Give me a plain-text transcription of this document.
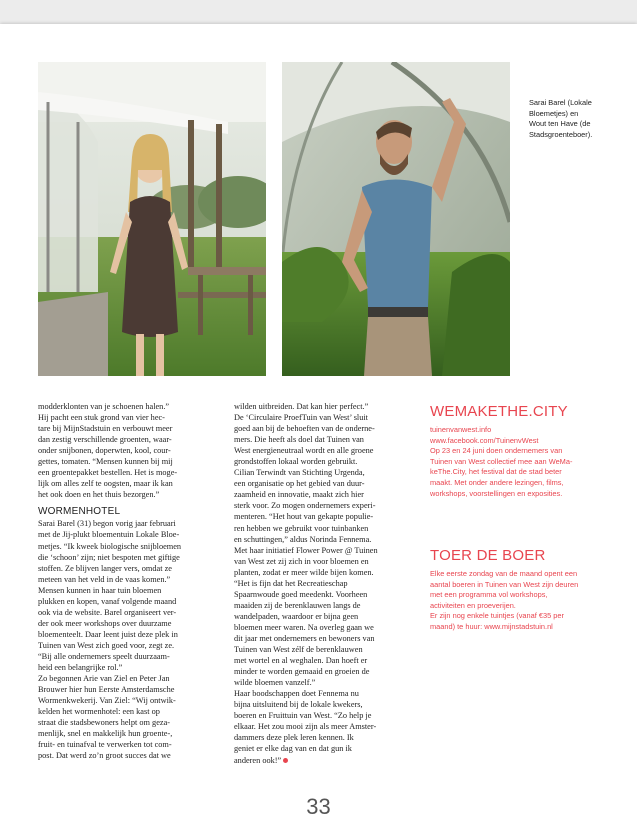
Sarai Barel (Lokale
Bloemetjes) en
Wout ten Have (de
Stadsgroenteboer).

modderklonten van je schoenen halen.”

Hij pacht een stuk grond van vier hec-

tare bij MijnStadstuin en verbouwt meer

dan zestig verschillende groenten, waar-

onder snijbonen, doperwten, kool, cour-

gettes, tomaten. “Mensen kunnen bij mij

een groentepakket bestellen. Het is moge-

lijk om alles zelf te oogsten, maar ik kan

het ook doen en het thuis bezorgen.”

WORMENHOTEL

Sarai Barel (31) begon vorig jaar februari

met de Jij-plukt bloementuin Lokale Bloe-

metjes. “Ik kweek biologische snijbloemen

die ‘schoon’ zijn; niet bespoten met giftige

stoffen. Ze blijven langer vers, omdat ze

meteen van het veld in de vaas komen.”

Mensen kunnen in haar tuin bloemen

plukken en kopen, vanaf volgende maand

ook via de website. Barel organiseert ver-

der ook meer workshops over duurzame

bloementeelt. Daar leent juist deze plek in

Tuinen van West zich goed voor, zegt ze.

“Bij alle ondernemers speelt duurzaam-

heid een belangrijke rol.”

Zo begonnen Arie van Ziel en Peter Jan

Brouwer hier hun Eerste Amsterdamsche

Wormenkwekerij. Van Ziel: “Wij ontwik-

kelden het wormenhotel: een kast op

straat die stadsbewoners helpt om geza-

menlijk, snel en makkelijk hun groente-,

fruit- en tuinafval te verwerken tot com-

post. Dat werd zo’n groot succes dat we

wilden uitbreiden. Dat kan hier perfect.”

De ‘Circulaire ProefTuin van West’ sluit

goed aan bij de behoeften van de onderne-

mers. Die heeft als doel dat Tuinen van

West energieneutraal wordt en alle groene

grondstoffen lokaal worden gebruikt.

Cilian Terwindt van Stichting Urgenda,

een organisatie op het gebied van duur-

zaamheid en innovatie, maakt zich hier

sterk voor. Zo mogen ondernemers experi-

menteren. “Het hout van gekapte populie-

ren hebben we gebruikt voor tuinbanken

en schuttingen,” aldus Norinda Fennema.

Met haar initiatief Flower Power @ Tuinen

van West zet zij zich in voor bloemen en

planten, zodat er meer wilde bijen komen.

“Het is fijn dat het Recreatieschap

Spaarnwoude goed meedenkt. Voorheen

maaiden zij de berenklauwen langs de

wandelpaden, waardoor er bijna geen

bloemen meer waren. Na overleg gaan we

dit jaar met ondernemers en bewoners van

Tuinen van West zélf de berenklauwen

met wortel en al weghalen. Dan hoeft er

minder te worden gemaaid en groeien de

wilde bloemen vanzelf.”

Haar boodschappen doet Fennema nu

bijna uitsluitend bij de lokale kwekers,

boeren en Fruittuin van West. “Zo help je

elkaar. Het zou mooi zijn als meer Amster-

dammers deze plek leren kennen. Ik

geniet er elke dag van en dat gun ik

anderen ook!”

WEMAKETHE.CITY
tuinenvanwest.info
www.facebook.com/TuinenvWest
Op 23 en 24 juni doen ondernemers van
Tuinen van West collectief mee aan WeMa-
keThe.City, het festival dat de stad beter
maakt. Met onder andere lezingen, films,
workshops, voorstellingen en exposities.
TOER DE BOER
Elke eerste zondag van de maand opent een
aantal boeren in Tuinen van West zijn deuren
met een programma vol workshops,
activiteiten en proeverijen.
Er zijn nog enkele tuintjes (vanaf €35 per
maand) te huur: www.mijnstadstuin.nl
33
